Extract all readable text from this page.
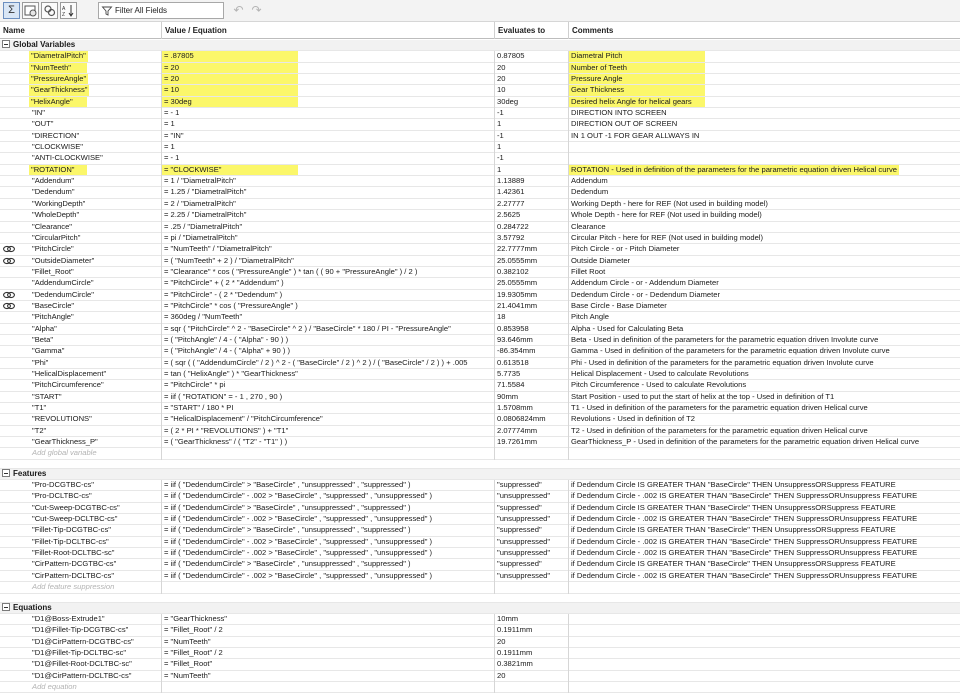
Σ	A
Z
Filter All Fields	↶ ↷
Name	Value / Equation	Evaluates to	Comments
Global Variables
"DiametralPitch"	= .87805	0.87805	Diametral Pitch
"NumTeeth"	= 20	20	Number of Teeth
"PressureAngle"	= 20	20	Pressure Angle
"GearThickness"	= 10	10	Gear Thickness
"HelixAngle"	= 30deg	30deg	Desired helix Angle for helical gears
"IN"	= - 1	-1	DIRECTION INTO SCREEN
"OUT"	= 1	1	DIRECTION OUT OF SCREEN
"DIRECTION"	= "IN"	-1	IN 1 OUT -1 FOR GEAR ALLWAYS IN
"CLOCKWISE"	= 1	1
"ANTI-CLOCKWISE"	= - 1	-1
"ROTATION"	= "CLOCKWISE"	1	ROTATION - Used in definition of the parameters for the parametric equation driven Helical curve
"Addendum"	= 1 / "DiametralPitch"	1.13889	Addendum
"Dedendum"	= 1.25 / "DiametralPitch"	1.42361	Dedendum
"WorkingDepth"	= 2 / "DiametralPitch"	2.27777	Working Depth - here for REF (Not used in building model)
"WholeDepth"	= 2.25 / "DiametralPitch"	2.5625	Whole Depth - here for REF (Not used in building model)
"Clearance"	= .25 / "DiametralPitch"	0.284722	Clearance
"CircularPitch"	= pi / "DiametralPitch"	3.57792	Circular Pitch - here for REF (Not used in building model)
"PitchCircle"	= "NumTeeth" / "DiametralPitch"	22.7777mm	Pitch Circle - or - Pitch Diameter
"OutsideDiameter"	= ( "NumTeeth" + 2 ) / "DiametralPitch"	25.0555mm	Outside Diameter
"Fillet_Root"	= "Clearance" * cos ( "PressureAngle" ) * tan ( ( 90 + "PressureAngle" ) / 2 )	0.382102	Fillet Root
"AddendumCircle"	= "PitchCircle" + ( 2 * "Addendum" )	25.0555mm	Addendum Circle - or - Addendum Diameter
"DedendumCircle"	= "PitchCircle" - ( 2 * "Dedendum" )	19.9305mm	Dedendum Circle - or - Dedendum Diameter
"BaseCircle"	= "PitchCircle" * cos ( "PressureAngle" )	21.4041mm	Base Circle - Base Diameter
"PitchAngle"	= 360deg / "NumTeeth"	18	Pitch Angle
"Alpha"	= sqr ( "PitchCircle" ^ 2 - "BaseCircle" ^ 2 ) / "BaseCircle" * 180 / PI - "PressureAngle"	0.853958	Alpha - Used for Calculating Beta
"Beta"	= ( "PitchAngle" / 4 - ( "Alpha" - 90 ) )	93.646mm	Beta - Used in definition of the parameters for the parametric equation driven Involute curve
"Gamma"	= ( "PitchAngle" / 4 - ( "Alpha" + 90 ) )	-86.354mm	Gamma - Used in definition of the parameters for the parametric equation driven Involute curve
"Phi"	= ( sqr ( ( "AddendumCircle" / 2 ) ^ 2 - ( "BaseCircle" / 2 ) ^ 2 ) / ( "BaseCircle" / 2 ) ) + .005	0.613518	Phi - Used in definition of the parameters for the parametric equation driven Involute curve
"HelicalDisplacement"	= tan ( "HelixAngle" ) * "GearThickness"	5.7735	Helical Displacement - Used to calculate Revolutions
"PitchCircumference"	= "PitchCircle" * pi	71.5584	Pitch Circumference - Used to calculate Revolutions
"START"	= iif ( "ROTATION" = - 1 , 270 , 90 )	90mm	Start Position - used to put the start of helix at the top - Used in definition of T1
"T1"	= "START" / 180 * PI	1.5708mm	T1 - Used in definition of the parameters for the parametric equation driven Helical curve
"REVOLUTIONS"	= "HelicalDisplacement" / "PitchCircumference"	0.0806824mm	Revolutions - Used in definition of T2
"T2"	= ( 2 * PI * "REVOLUTIONS" ) + "T1"	2.07774mm	T2 - Used in definition of the parameters for the parametric equation driven Helical curve
"GearThickness_P"	= ( "GearThickness" / ( "T2" - "T1" ) )	19.7261mm	GearThickness_P - Used in definition of the parameters for the parametric equation driven Helical curve
Add global variable
Features
"Pro-DCGTBC-cs"	= iif ( "DedendumCircle" > "BaseCircle" , "unsuppressed" , "suppressed" )	"suppressed"	if Dedendum Circle IS GREATER THAN "BaseCircle" THEN UnsuppressORSuppress FEATURE
"Pro-DCLTBC-cs"	= iif ( "DedendumCircle" - .002 > "BaseCircle" , "suppressed" , "unsuppressed" )	"unsuppressed"	if Dedendum Circle - .002 IS GREATER THAN "BaseCircle" THEN SuppressORUnsuppress FEATURE
"Cut-Sweep-DCGTBC-cs"	= iif ( "DedendumCircle" > "BaseCircle" , "unsuppressed" , "suppressed" )	"suppressed"	if Dedendum Circle IS GREATER THAN "BaseCircle" THEN UnsuppressORSuppress FEATURE
"Cut-Sweep-DCLTBC-cs"	= iif ( "DedendumCircle" - .002 > "BaseCircle" , "suppressed" , "unsuppressed" )	"unsuppressed"	if Dedendum Circle - .002 IS GREATER THAN "BaseCircle" THEN SuppressORUnsuppress FEATURE
"Fillet-Tip-DCGTBC-cs"	= iif ( "DedendumCircle" > "BaseCircle" , "unsuppressed" , "suppressed" )	"suppressed"	if Dedendum Circle IS GREATER THAN "BaseCircle" THEN UnsuppressORSuppress FEATURE
"Fillet-Tip-DCLTBC-cs"	= iif ( "DedendumCircle" - .002 > "BaseCircle" , "suppressed" , "unsuppressed" )	"unsuppressed"	if Dedendum Circle - .002 IS GREATER THAN "BaseCircle" THEN SuppressORUnsuppress FEATURE
"Fillet-Root-DCLTBC-sc"	= iif ( "DedendumCircle" - .002 > "BaseCircle" , "suppressed" , "unsuppressed" )	"unsuppressed"	if Dedendum Circle - .002 IS GREATER THAN "BaseCircle" THEN SuppressORUnsuppress FEATURE
"CirPattern-DCGTBC-cs"	= iif ( "DedendumCircle" > "BaseCircle" , "unsuppressed" , "suppressed" )	"suppressed"	if Dedendum Circle IS GREATER THAN "BaseCircle" THEN UnsuppressORSuppress FEATURE
"CirPattern-DCLTBC-cs"	= iif ( "DedendumCircle" - .002 > "BaseCircle" , "suppressed" , "unsuppressed" )	"unsuppressed"	if Dedendum Circle - .002 IS GREATER THAN "BaseCircle" THEN SuppressORUnsuppress FEATURE
Add feature suppression
Equations
"D1@Boss-Extrude1"	= "GearThickness"	10mm
"D1@Fillet-Tip-DCGTBC-cs"	= "Fillet_Root" / 2	0.1911mm
"D1@CirPattern-DCGTBC-cs"	= "NumTeeth"	20
"D1@Fillet-Tip-DCLTBC-sc"	= "Fillet_Root" / 2	0.1911mm
"D1@Fillet-Root-DCLTBC-sc"	= "Fillet_Root"	0.3821mm
"D1@CirPattern-DCLTBC-cs"	= "NumTeeth"	20
Add equation
